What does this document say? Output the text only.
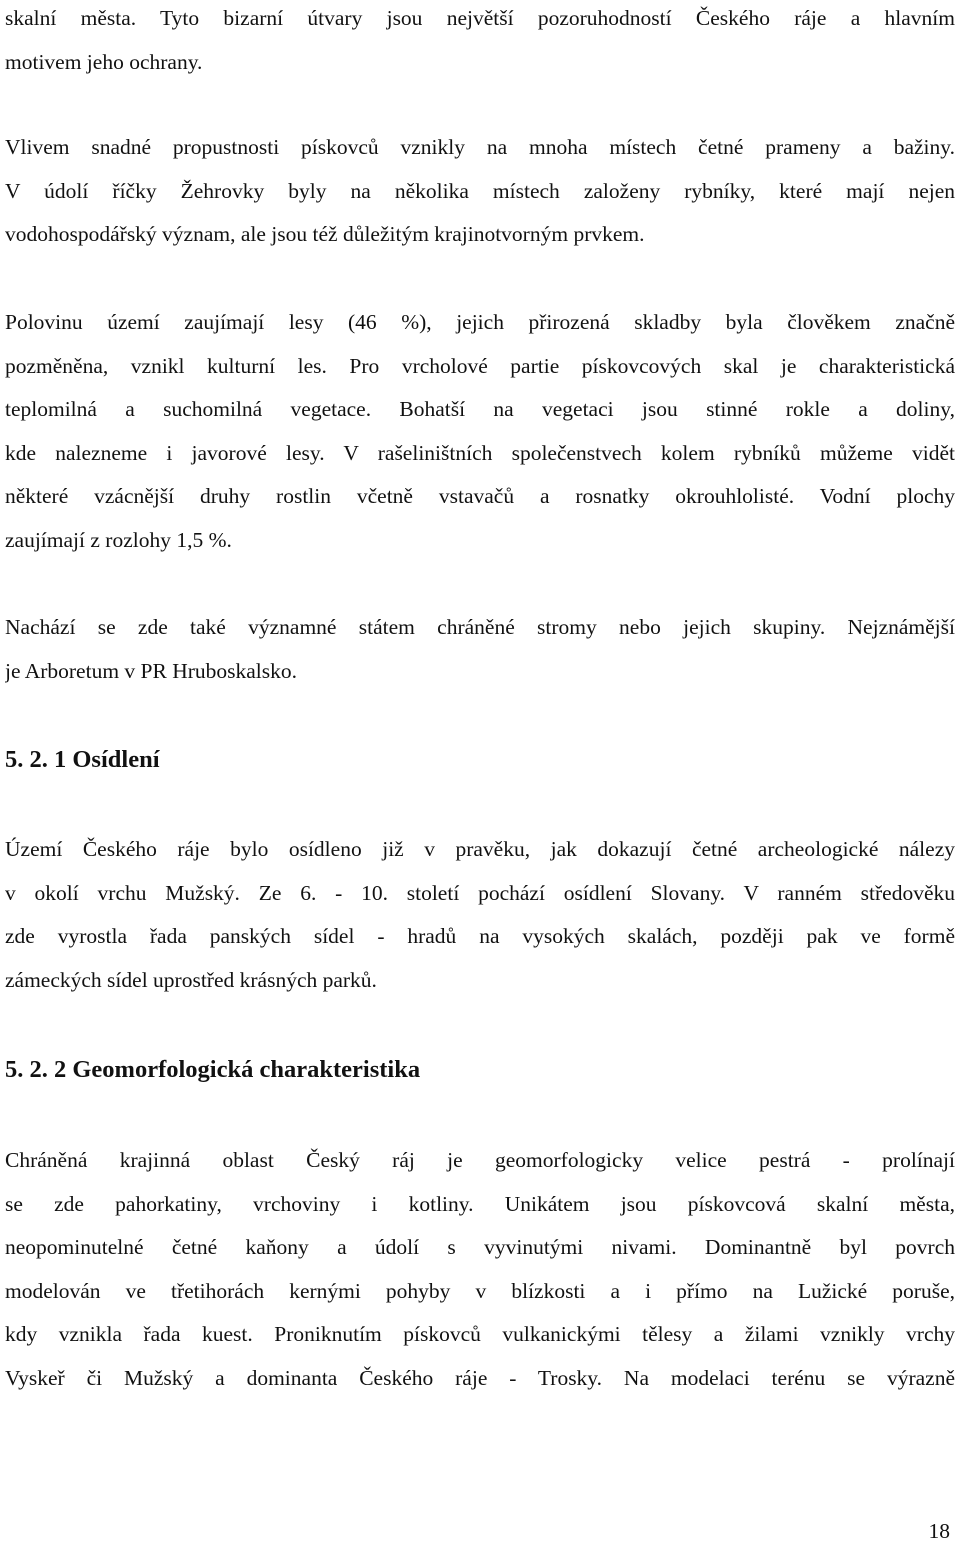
skalní města. Tyto bizarní útvary jsou největší pozoruhodností Českého ráje a hlavním
motivem jeho ochrany.

Vlivem snadné propustnosti pískovců vznikly na mnoha místech četné prameny a bažiny.
V údolí říčky Žehrovky byly na několika místech založeny rybníky, které mají nejen
vodohospodářský význam, ale jsou též důležitým krajinotvorným prvkem.

Polovinu území zaujímají lesy (46 %), jejich přirozená skladby byla člověkem značně
pozměněna, vznikl kulturní les. Pro vrcholové partie pískovcových skal je charakteristická
teplomilná a suchomilná vegetace. Bohatší na vegetaci jsou stinné rokle a doliny,
kde nalezneme i javorové lesy. V rašeliništních společenstvech kolem rybníků můžeme vidět
některé vzácnější druhy rostlin včetně vstavačů a rosnatky okrouhlolisté. Vodní plochy
zaujímají z rozlohy 1,5 %.

Nachází se zde také významné státem chráněné stromy nebo jejich skupiny. Nejznámější
je Arboretum v PR Hruboskalsko.

5. 2. 1 Osídlení

Území Českého ráje bylo osídleno již v pravěku, jak dokazují četné archeologické nálezy
v okolí vrchu Mužský. Ze 6. - 10. století pochází osídlení Slovany. V ranném středověku
zde vyrostla řada panských sídel - hradů na vysokých skalách, později pak ve formě
zámeckých sídel uprostřed krásných parků.

5. 2. 2 Geomorfologická charakteristika

Chráněná krajinná oblast Český ráj je geomorfologicky velice pestrá - prolínají
se zde pahorkatiny, vrchoviny i kotliny. Unikátem jsou pískovcová skalní města,
neopominutelné četné kaňony a údolí s vyvinutými nivami. Dominantně byl povrch
modelován ve třetihorách kernými pohyby v blízkosti a i přímo na Lužické poruše,
kdy vznikla řada kuest. Proniknutím pískovců vulkanickými tělesy a žilami vznikly vrchy
Vyskeř či Mužský a dominanta Českého ráje - Trosky. Na modelaci terénu se výrazně

18
